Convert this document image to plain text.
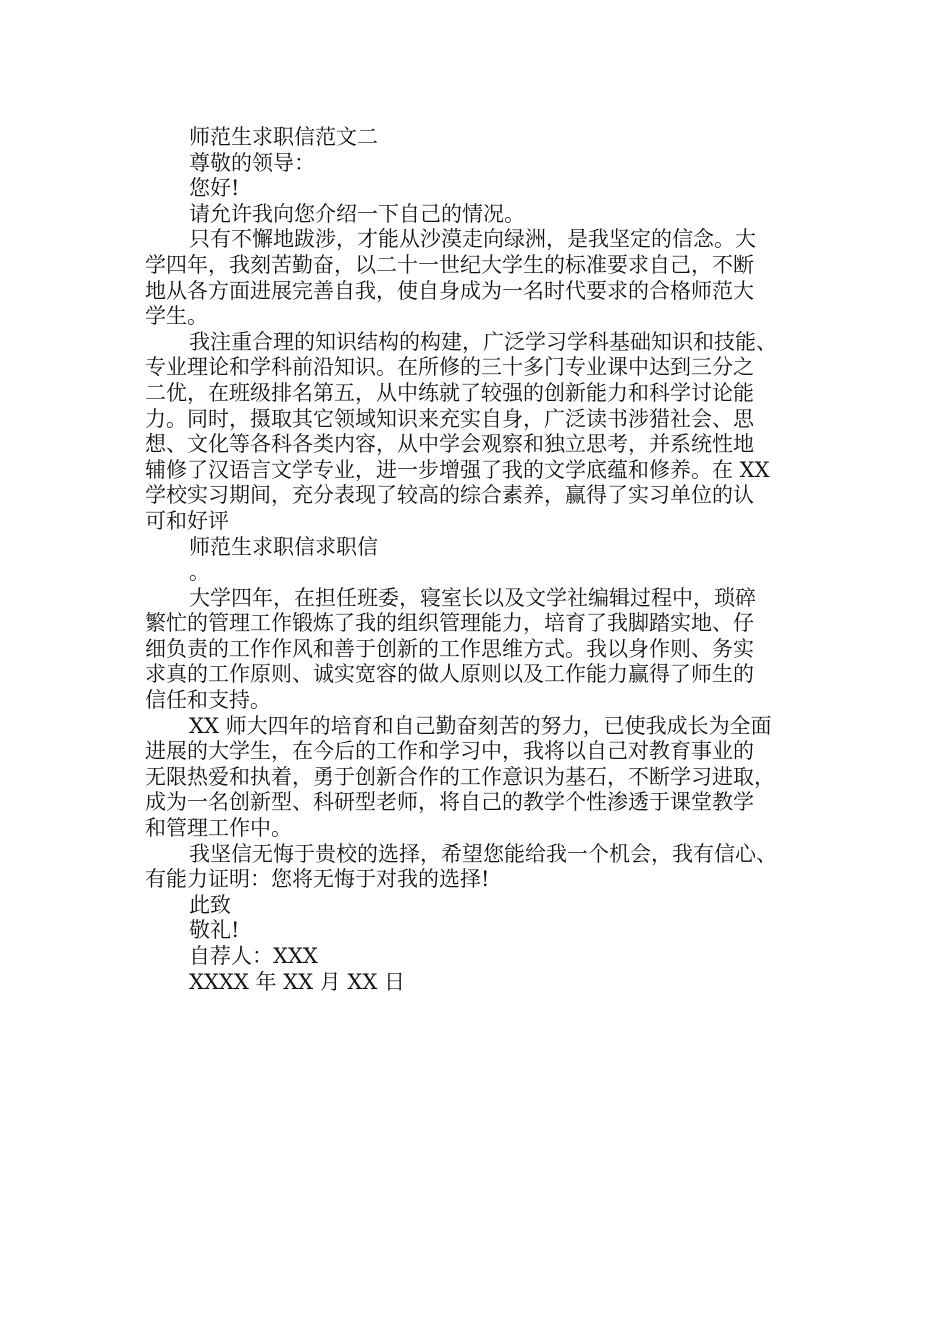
师范生求职信范文二
尊敬的领导：
您好!
请允许我向您介绍一下自己的情况。
只有不懈地跋涉，才能从沙漠走向绿洲，是我坚定的信念。大
学四年，我刻苦勤奋，以二十一世纪大学生的标准要求自己，不断
地从各方面进展完善自我，使自身成为一名时代要求的合格师范大
学生。
我注重合理的知识结构的构建，广泛学习学科基础知识和技能、
专业理论和学科前沿知识。在所修的三十多门专业课中达到三分之
二优，在班级排名第五，从中练就了较强的创新能力和科学讨论能
力。同时，摄取其它领域知识来充实自身，广泛读书涉猎社会、思
想、文化等各科各类内容，从中学会观察和独立思考，并系统性地
辅修了汉语言文学专业，进一步增强了我的文学底蕴和修养。在 XX
学校实习期间，充分表现了较高的综合素养，赢得了实习单位的认
可和好评
师范生求职信求职信
。
大学四年，在担任班委，寝室长以及文学社编辑过程中，琐碎
繁忙的管理工作锻炼了我的组织管理能力，培育了我脚踏实地、仔
细负责的工作作风和善于创新的工作思维方式。我以身作则、务实
求真的工作原则、诚实宽容的做人原则以及工作能力赢得了师生的
信任和支持。
XX 师大四年的培育和自己勤奋刻苦的努力，已使我成长为全面
进展的大学生，在今后的工作和学习中，我将以自己对教育事业的
无限热爱和执着，勇于创新合作的工作意识为基石，不断学习进取，
成为一名创新型、科研型老师，将自己的教学个性渗透于课堂教学
和管理工作中。
我坚信无悔于贵校的选择，希望您能给我一个机会，我有信心、
有能力证明：您将无悔于对我的选择!
此致
敬礼!
自荐人：XXX
XXXX 年 XX 月 XX 日
